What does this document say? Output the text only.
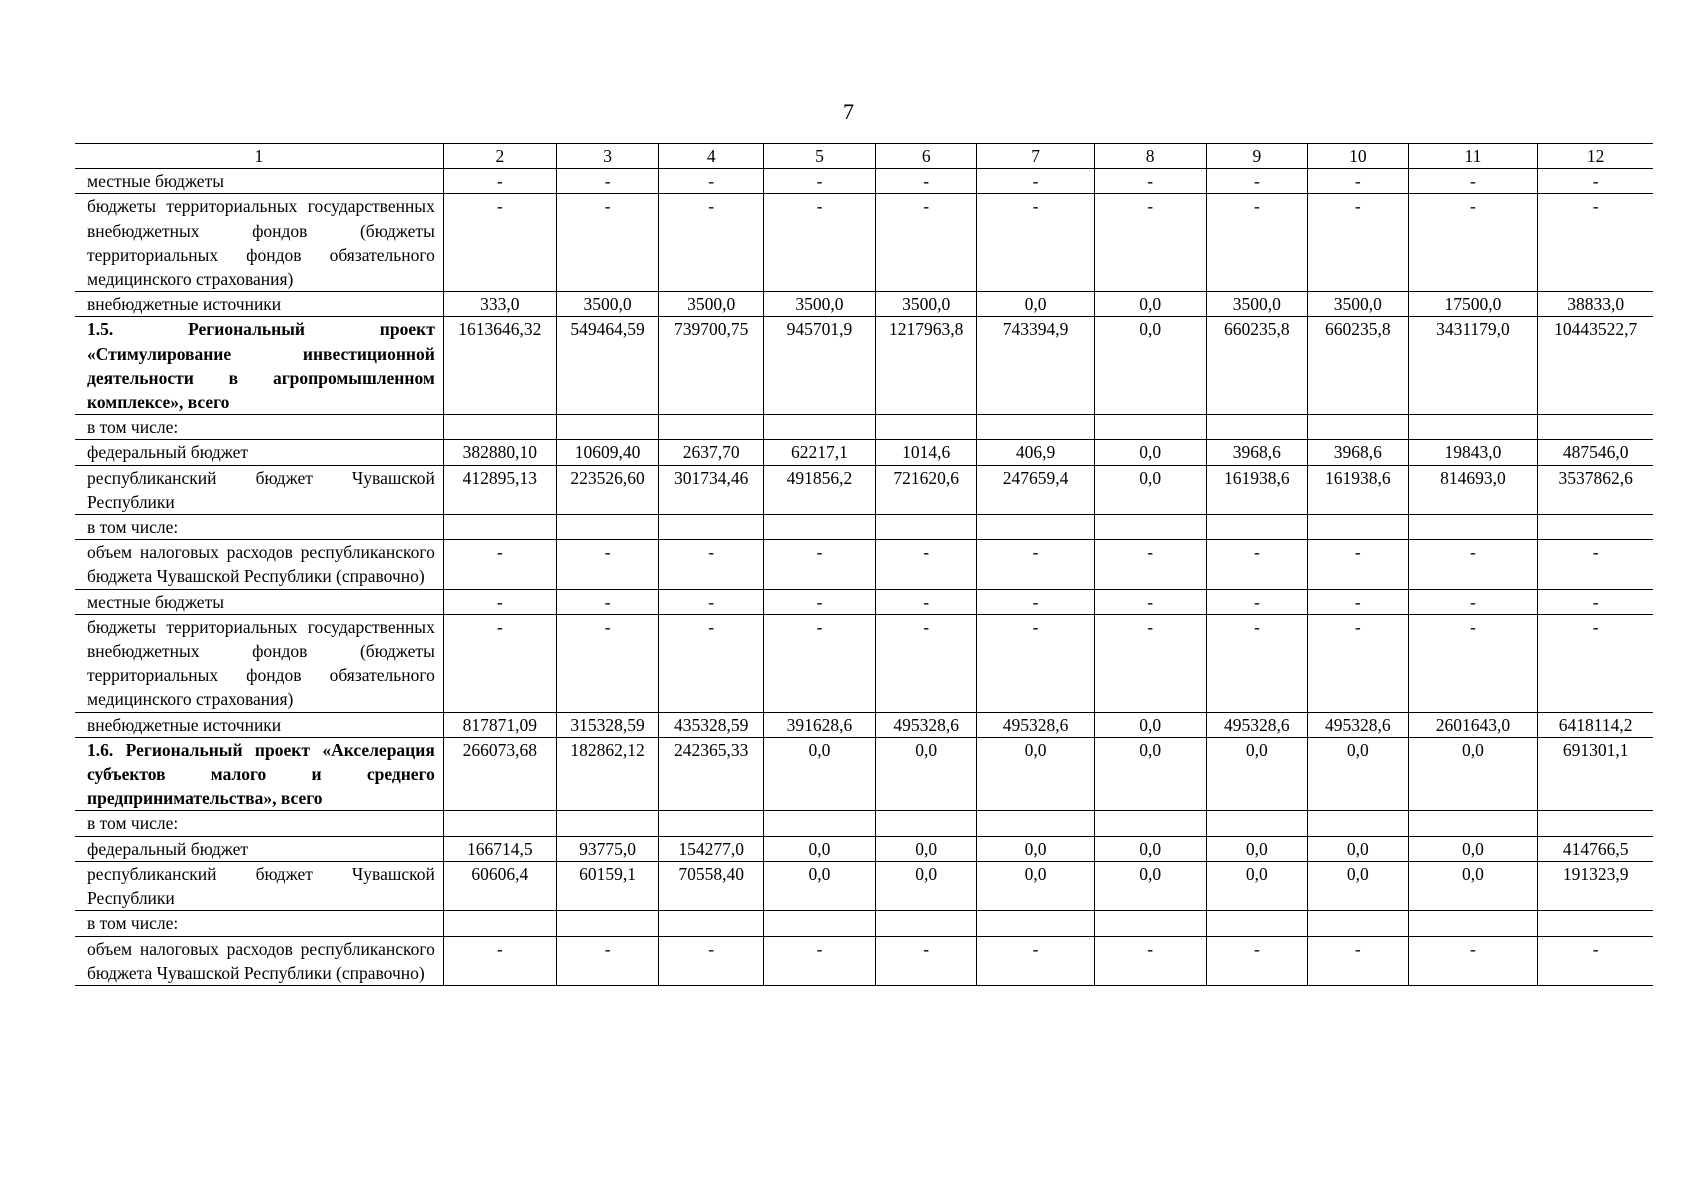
7
1	2	3	4	5	6	7	8	9	10	11	12
местные бюджеты	-	-	-	-	-	-	-	-	-	-	-
бюджеты территориальных государственных внебюджетных фондов (бюджеты территориальных фондов обязательного медицинского страхования)	-	-	-	-	-	-	-	-	-	-	-
внебюджетные источники	333,0	3500,0	3500,0	3500,0	3500,0	0,0	0,0	3500,0	3500,0	17500,0	38833,0
1.5. Региональный проект «Стимулирование инвестиционной деятельности в агропромышленном комплексе», всего	1613646,32	549464,59	739700,75	945701,9	1217963,8	743394,9	0,0	660235,8	660235,8	3431179,0	10443522,7
в том числе:											
федеральный бюджет	382880,10	10609,40	2637,70	62217,1	1014,6	406,9	0,0	3968,6	3968,6	19843,0	487546,0
республиканский бюджет Чувашской Республики	412895,13	223526,60	301734,46	491856,2	721620,6	247659,4	0,0	161938,6	161938,6	814693,0	3537862,6
в том числе:											
объем налоговых расходов республиканского бюджета Чувашской Республики (справочно)	-	-	-	-	-	-	-	-	-	-	-
местные бюджеты	-	-	-	-	-	-	-	-	-	-	-
бюджеты территориальных государственных внебюджетных фондов (бюджеты территориальных фондов обязательного медицинского страхования)	-	-	-	-	-	-	-	-	-	-	-
внебюджетные источники	817871,09	315328,59	435328,59	391628,6	495328,6	495328,6	0,0	495328,6	495328,6	2601643,0	6418114,2
1.6. Региональный проект «Акселерация субъектов малого и среднего предпринимательства», всего	266073,68	182862,12	242365,33	0,0	0,0	0,0	0,0	0,0	0,0	0,0	691301,1
в том числе:											
федеральный бюджет	166714,5	93775,0	154277,0	0,0	0,0	0,0	0,0	0,0	0,0	0,0	414766,5
республиканский бюджет Чувашской Республики	60606,4	60159,1	70558,40	0,0	0,0	0,0	0,0	0,0	0,0	0,0	191323,9
в том числе:											
объем налоговых расходов республиканского бюджета Чувашской Республики (справочно)	-	-	-	-	-	-	-	-	-	-	-
